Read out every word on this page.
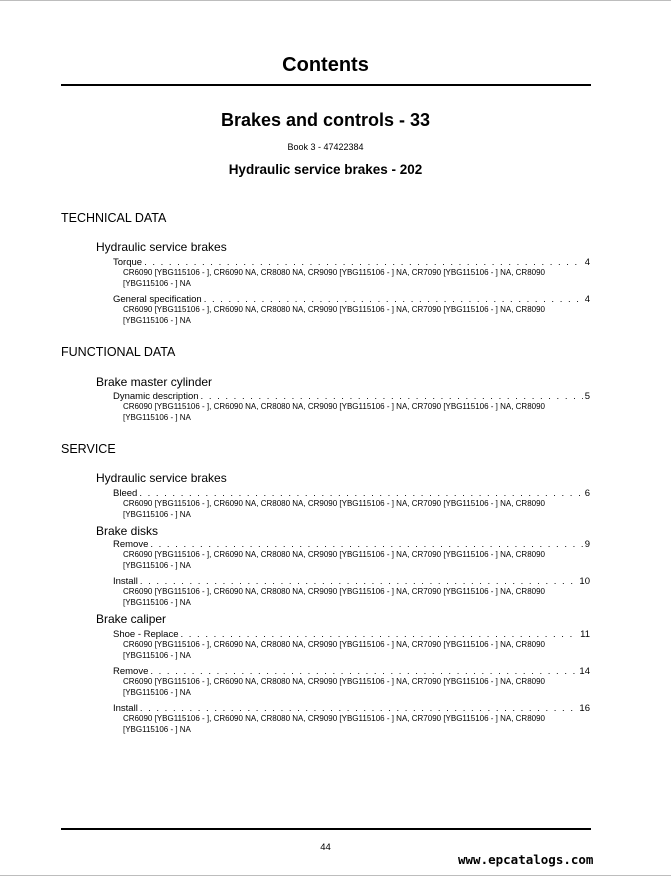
Contents
Brakes and controls - 33
Book 3 - 47422384
Hydraulic service brakes - 202
TECHNICAL DATA
Hydraulic service brakes
Torque . . .	4
CR6090 [YBG115106 - ], CR6090 NA, CR8080 NA, CR9090 [YBG115106 - ] NA, CR7090 [YBG115106 - ] NA, CR8090 [YBG115106 - ] NA
General specification . . .	4
CR6090 [YBG115106 - ], CR6090 NA, CR8080 NA, CR9090 [YBG115106 - ] NA, CR7090 [YBG115106 - ] NA, CR8090 [YBG115106 - ] NA
FUNCTIONAL DATA
Brake master cylinder
Dynamic description . . .	5
CR6090 [YBG115106 - ], CR6090 NA, CR8080 NA, CR9090 [YBG115106 - ] NA, CR7090 [YBG115106 - ] NA, CR8090 [YBG115106 - ] NA
SERVICE
Hydraulic service brakes
Bleed . . .	6
CR6090 [YBG115106 - ], CR6090 NA, CR8080 NA, CR9090 [YBG115106 - ] NA, CR7090 [YBG115106 - ] NA, CR8090 [YBG115106 - ] NA
Brake disks
Remove . . .	9
CR6090 [YBG115106 - ], CR6090 NA, CR8080 NA, CR9090 [YBG115106 - ] NA, CR7090 [YBG115106 - ] NA, CR8090 [YBG115106 - ] NA
Install . . .	10
CR6090 [YBG115106 - ], CR6090 NA, CR8080 NA, CR9090 [YBG115106 - ] NA, CR7090 [YBG115106 - ] NA, CR8090 [YBG115106 - ] NA
Brake caliper
Shoe - Replace . . .	11
CR6090 [YBG115106 - ], CR6090 NA, CR8080 NA, CR9090 [YBG115106 - ] NA, CR7090 [YBG115106 - ] NA, CR8090 [YBG115106 - ] NA
Remove . . .	14
CR6090 [YBG115106 - ], CR6090 NA, CR8080 NA, CR9090 [YBG115106 - ] NA, CR7090 [YBG115106 - ] NA, CR8090 [YBG115106 - ] NA
Install . . .	16
CR6090 [YBG115106 - ], CR6090 NA, CR8080 NA, CR9090 [YBG115106 - ] NA, CR7090 [YBG115106 - ] NA, CR8090 [YBG115106 - ] NA
44
www.epcatalogs.com
